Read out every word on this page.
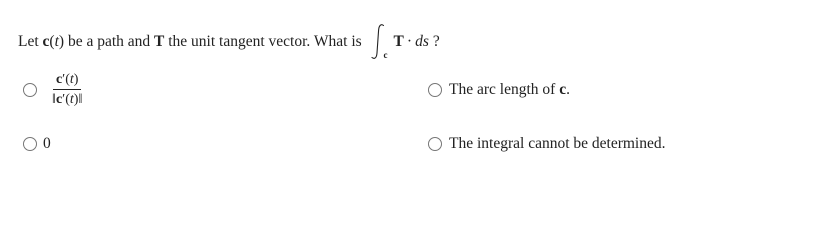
Let c ( t ) be a path and T the unit tangent vector. What is
c
T · ds ?
$\frac{c'(t)}{‖c'(t)‖}$	The arc length of c.
0	The integral cannot be determined.
